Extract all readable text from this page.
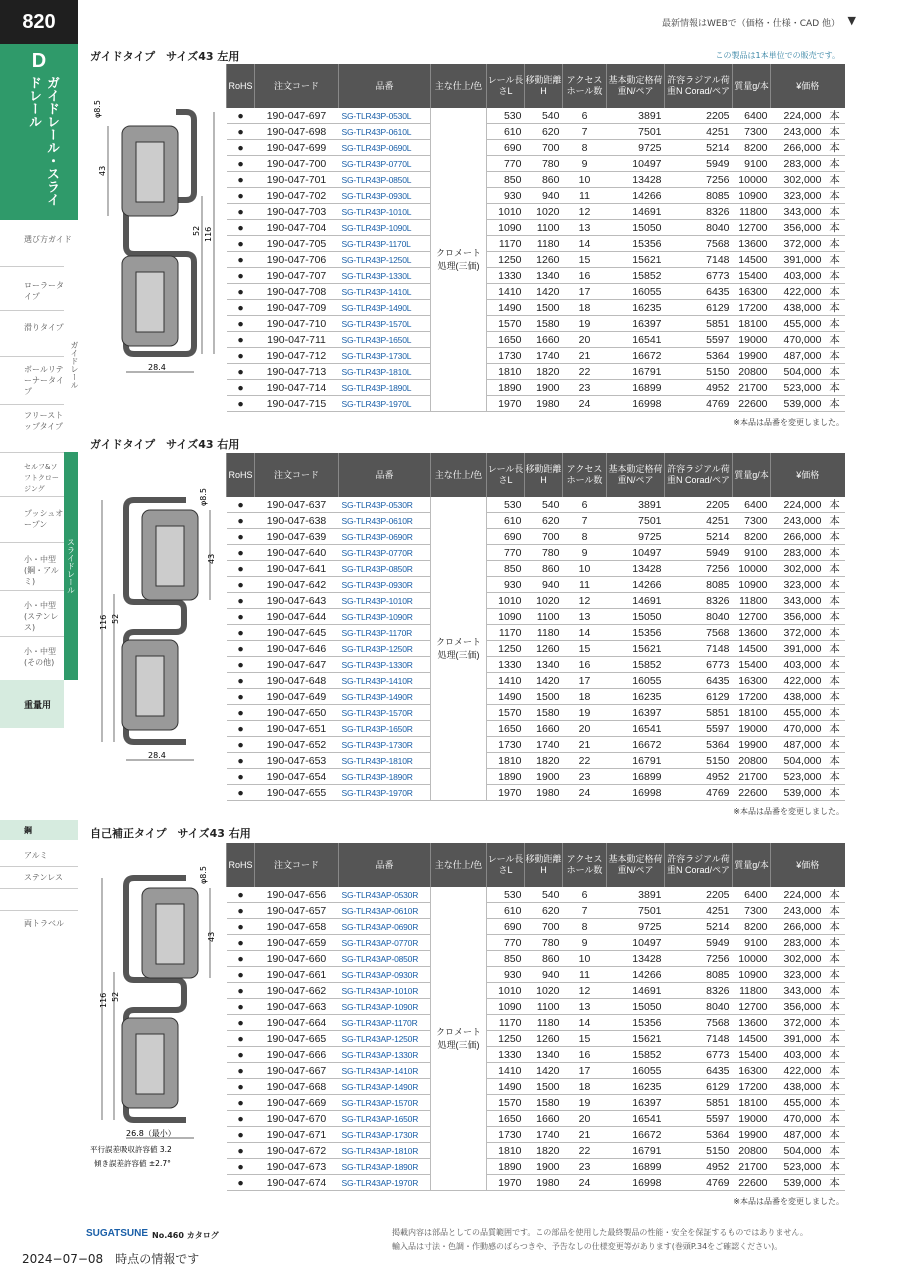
820
D
ガイドレール・スライドレール
最新情報はWEBで（価格・仕様・CAD 他） ▼
選び方ガイド
ローラータイプ
滑りタイプ
ボールリテーナータイプ
フリーストップタイプ
ガイドレール
セルフ&ソフトクロージング
プッシュオープン
小・中型(鋼・アルミ)
小・中型(ステンレス)
小・中型(その他)
スライドレール
重量用
鋼
アルミ
ステンレス
両トラベル
ガイドタイプ　サイズ43 左用	この製品は1本単位での販売です。
φ8.5
43
52 116
28.4
RoHS	注文コード	品番	主な仕上/色	レール長さL	移動距離H	アクセスホール数	基本動定格荷重N/ペア	許容ラジアル荷重N Corad/ペア	質量g/本	¥価格	
●	190-047-697	SG-TLR43P-0530L	クロメート処理(三価)	530	540	6	3891	2205	6400	224,000	本
●	190-047-698	SG-TLR43P-0610L		610	620	7	7501	4251	7300	243,000	本
●	190-047-699	SG-TLR43P-0690L		690	700	8	9725	5214	8200	266,000	本
●	190-047-700	SG-TLR43P-0770L		770	780	9	10497	5949	9100	283,000	本
●	190-047-701	SG-TLR43P-0850L		850	860	10	13428	7256	10000	302,000	本
●	190-047-702	SG-TLR43P-0930L		930	940	11	14266	8085	10900	323,000	本
●	190-047-703	SG-TLR43P-1010L		1010	1020	12	14691	8326	11800	343,000	本
●	190-047-704	SG-TLR43P-1090L		1090	1100	13	15050	8040	12700	356,000	本
●	190-047-705	SG-TLR43P-1170L		1170	1180	14	15356	7568	13600	372,000	本
●	190-047-706	SG-TLR43P-1250L		1250	1260	15	15621	7148	14500	391,000	本
●	190-047-707	SG-TLR43P-1330L		1330	1340	16	15852	6773	15400	403,000	本
●	190-047-708	SG-TLR43P-1410L		1410	1420	17	16055	6435	16300	422,000	本
●	190-047-709	SG-TLR43P-1490L		1490	1500	18	16235	6129	17200	438,000	本
●	190-047-710	SG-TLR43P-1570L		1570	1580	19	16397	5851	18100	455,000	本
●	190-047-711	SG-TLR43P-1650L		1650	1660	20	16541	5597	19000	470,000	本
●	190-047-712	SG-TLR43P-1730L		1730	1740	21	16672	5364	19900	487,000	本
●	190-047-713	SG-TLR43P-1810L		1810	1820	22	16791	5150	20800	504,000	本
●	190-047-714	SG-TLR43P-1890L		1890	1900	23	16899	4952	21700	523,000	本
●	190-047-715	SG-TLR43P-1970L		1970	1980	24	16998	4769	22600	539,000	本
※本品は品番を変更しました。
ガイドタイプ　サイズ43 右用
φ8.5
43
52
116
28.4
RoHS	注文コード	品番	主な仕上/色	レール長さL	移動距離H	アクセスホール数	基本動定格荷重N/ペア	許容ラジアル荷重N Corad/ペア	質量g/本	¥価格	
●	190-047-637	SG-TLR43P-0530R	クロメート処理(三価)	530	540	6	3891	2205	6400	224,000	本
●	190-047-638	SG-TLR43P-0610R		610	620	7	7501	4251	7300	243,000	本
●	190-047-639	SG-TLR43P-0690R		690	700	8	9725	5214	8200	266,000	本
●	190-047-640	SG-TLR43P-0770R		770	780	9	10497	5949	9100	283,000	本
●	190-047-641	SG-TLR43P-0850R		850	860	10	13428	7256	10000	302,000	本
●	190-047-642	SG-TLR43P-0930R		930	940	11	14266	8085	10900	323,000	本
●	190-047-643	SG-TLR43P-1010R		1010	1020	12	14691	8326	11800	343,000	本
●	190-047-644	SG-TLR43P-1090R		1090	1100	13	15050	8040	12700	356,000	本
●	190-047-645	SG-TLR43P-1170R		1170	1180	14	15356	7568	13600	372,000	本
●	190-047-646	SG-TLR43P-1250R		1250	1260	15	15621	7148	14500	391,000	本
●	190-047-647	SG-TLR43P-1330R		1330	1340	16	15852	6773	15400	403,000	本
●	190-047-648	SG-TLR43P-1410R		1410	1420	17	16055	6435	16300	422,000	本
●	190-047-649	SG-TLR43P-1490R		1490	1500	18	16235	6129	17200	438,000	本
●	190-047-650	SG-TLR43P-1570R		1570	1580	19	16397	5851	18100	455,000	本
●	190-047-651	SG-TLR43P-1650R		1650	1660	20	16541	5597	19000	470,000	本
●	190-047-652	SG-TLR43P-1730R		1730	1740	21	16672	5364	19900	487,000	本
●	190-047-653	SG-TLR43P-1810R		1810	1820	22	16791	5150	20800	504,000	本
●	190-047-654	SG-TLR43P-1890R		1890	1900	23	16899	4952	21700	523,000	本
●	190-047-655	SG-TLR43P-1970R		1970	1980	24	16998	4769	22600	539,000	本
※本品は品番を変更しました。
自己補正タイプ　サイズ43 右用
φ8.5
43
52
116
26.8（最小）
平行誤差吸収許容値 3.2
傾き誤差許容値 ±2.7°
RoHS	注文コード	品番	主な仕上/色	レール長さL	移動距離H	アクセスホール数	基本動定格荷重N/ペア	許容ラジアル荷重N Corad/ペア	質量g/本	¥価格	
●	190-047-656	SG-TLR43AP-0530R	クロメート処理(三価)	530	540	6	3891	2205	6400	224,000	本
●	190-047-657	SG-TLR43AP-0610R		610	620	7	7501	4251	7300	243,000	本
●	190-047-658	SG-TLR43AP-0690R		690	700	8	9725	5214	8200	266,000	本
●	190-047-659	SG-TLR43AP-0770R		770	780	9	10497	5949	9100	283,000	本
●	190-047-660	SG-TLR43AP-0850R		850	860	10	13428	7256	10000	302,000	本
●	190-047-661	SG-TLR43AP-0930R		930	940	11	14266	8085	10900	323,000	本
●	190-047-662	SG-TLR43AP-1010R		1010	1020	12	14691	8326	11800	343,000	本
●	190-047-663	SG-TLR43AP-1090R		1090	1100	13	15050	8040	12700	356,000	本
●	190-047-664	SG-TLR43AP-1170R		1170	1180	14	15356	7568	13600	372,000	本
●	190-047-665	SG-TLR43AP-1250R		1250	1260	15	15621	7148	14500	391,000	本
●	190-047-666	SG-TLR43AP-1330R		1330	1340	16	15852	6773	15400	403,000	本
●	190-047-667	SG-TLR43AP-1410R		1410	1420	17	16055	6435	16300	422,000	本
●	190-047-668	SG-TLR43AP-1490R		1490	1500	18	16235	6129	17200	438,000	本
●	190-047-669	SG-TLR43AP-1570R		1570	1580	19	16397	5851	18100	455,000	本
●	190-047-670	SG-TLR43AP-1650R		1650	1660	20	16541	5597	19000	470,000	本
●	190-047-671	SG-TLR43AP-1730R		1730	1740	21	16672	5364	19900	487,000	本
●	190-047-672	SG-TLR43AP-1810R		1810	1820	22	16791	5150	20800	504,000	本
●	190-047-673	SG-TLR43AP-1890R		1890	1900	23	16899	4952	21700	523,000	本
●	190-047-674	SG-TLR43AP-1970R		1970	1980	24	16998	4769	22600	539,000	本
※本品は品番を変更しました。
SUGATSUNE No.460 カタログ	掲載内容は部品としての品質範囲です。この部品を使用した最終製品の性能・安全を保証するものではありません。
輸入品は寸法・色調・作動感のばらつきや、予告なしの仕様変更等があります(巻頭P.34をご確認ください)。
2024−07−08　時点の情報です
